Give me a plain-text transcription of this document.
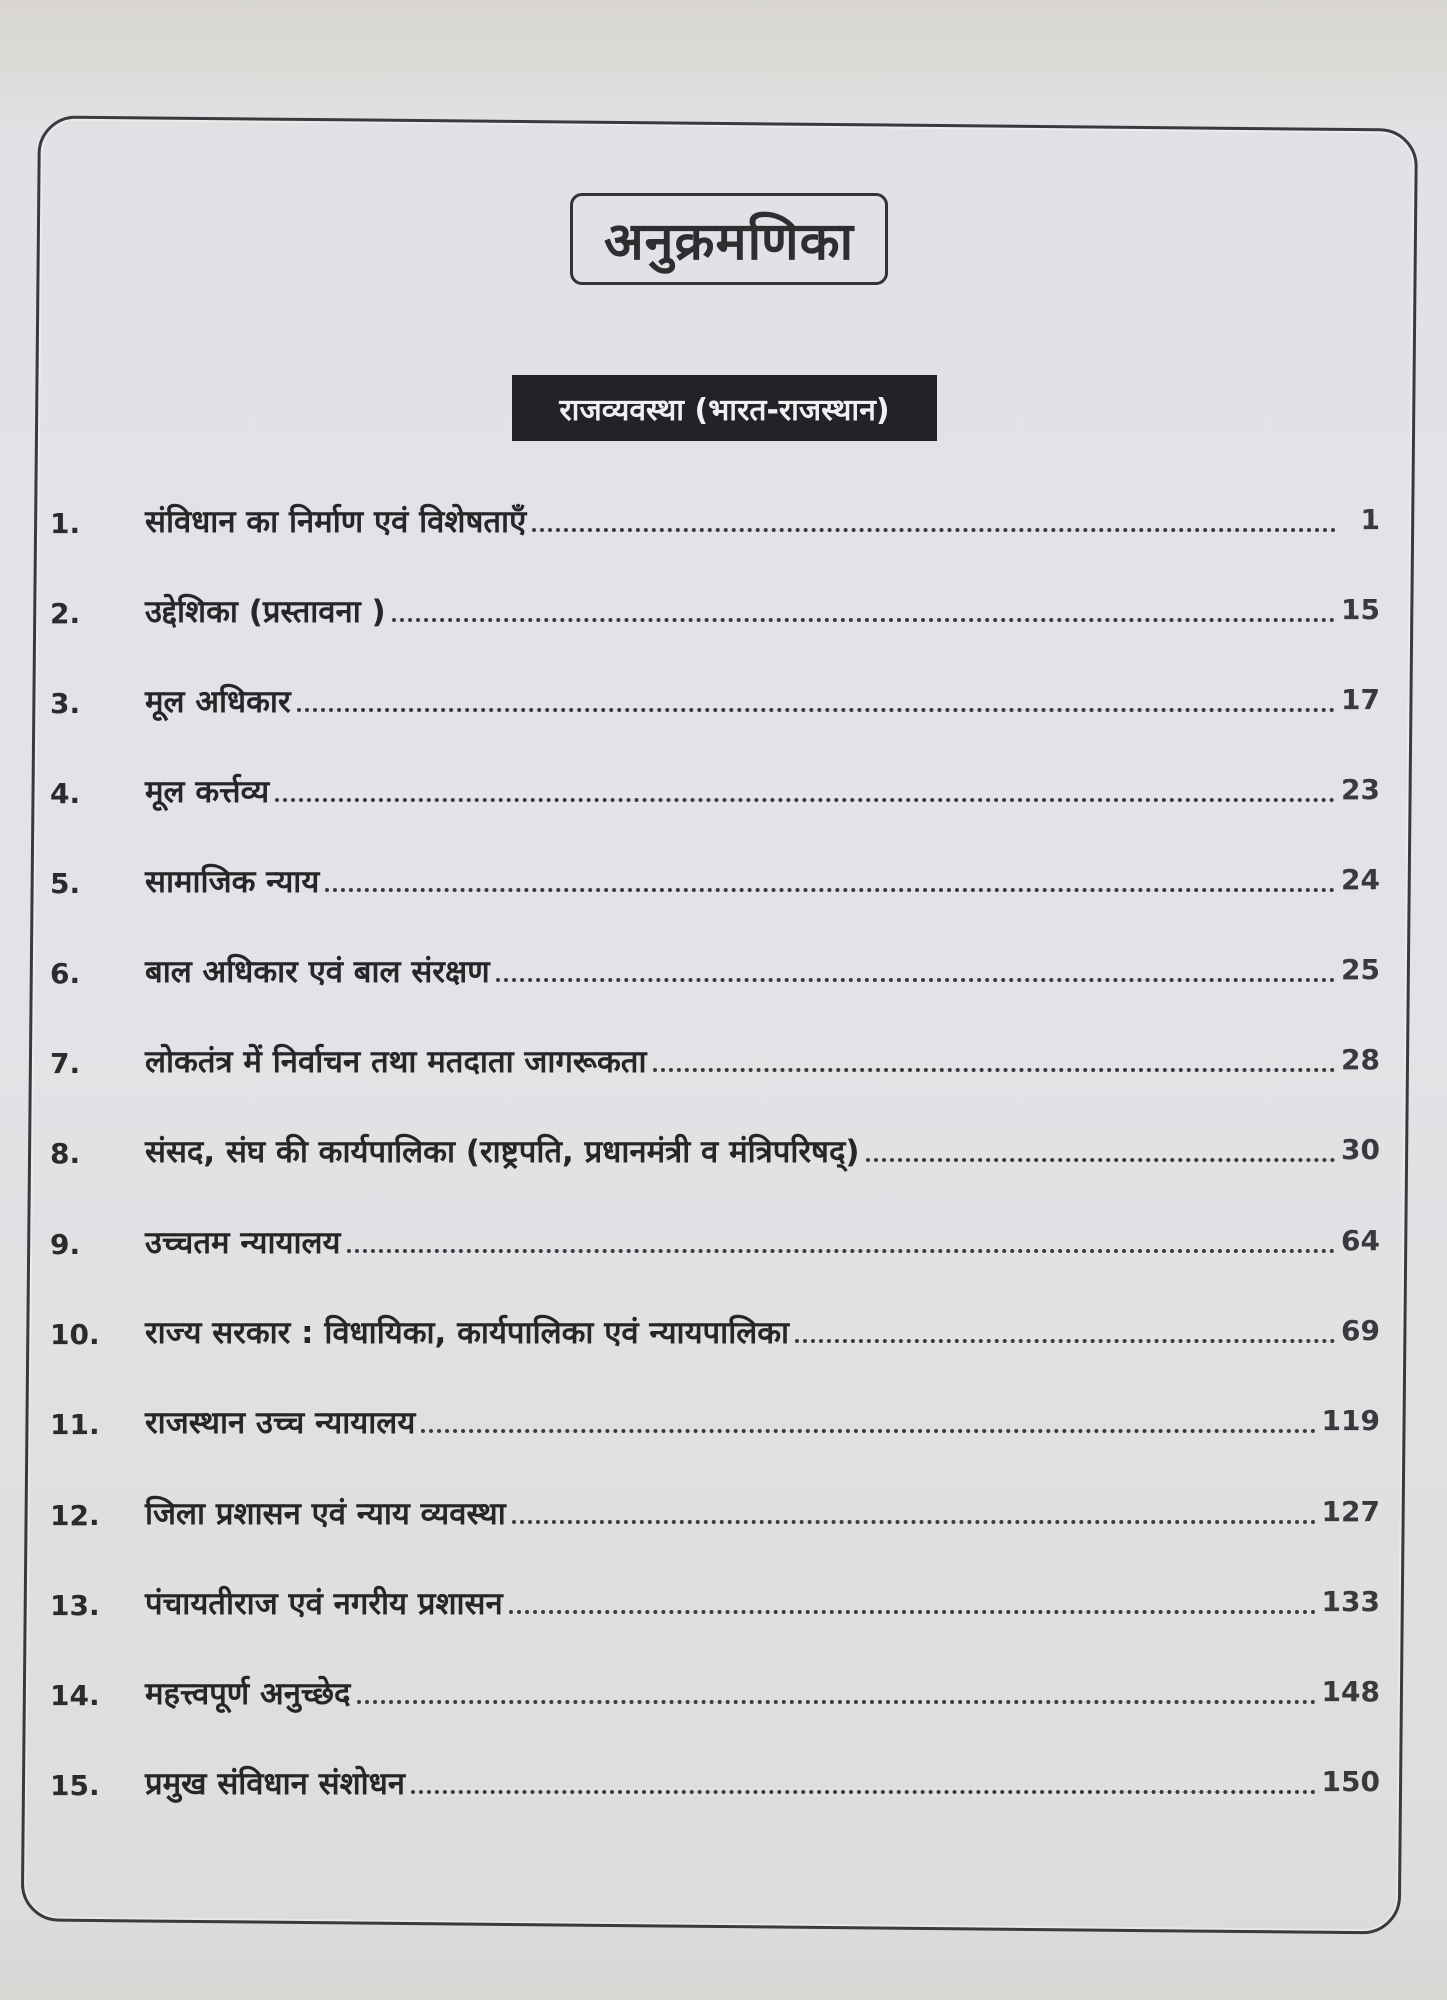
अनुक्रमणिका
राजव्यवस्था (भारत-राजस्थान)
1.	संविधान का निर्माण एवं विशेषताएँ	1
2.	उद्देशिका (प्रस्तावना )	15
3.	मूल अधिकार	17
4.	मूल कर्त्तव्य	23
5.	सामाजिक न्याय	24
6.	बाल अधिकार एवं बाल संरक्षण	25
7.	लोकतंत्र में निर्वाचन तथा मतदाता जागरूकता	28
8.	संसद, संघ की कार्यपालिका (राष्ट्रपति, प्रधानमंत्री व मंत्रिपरिषद्)	30
9.	उच्चतम न्यायालय	64
10.	राज्य सरकार : विधायिका, कार्यपालिका एवं न्यायपालिका	69
11.	राजस्थान उच्च न्यायालय	119
12.	जिला प्रशासन एवं न्याय व्यवस्था	127
13.	पंचायतीराज एवं नगरीय प्रशासन	133
14.	महत्त्वपूर्ण अनुच्छेद	148
15.	प्रमुख संविधान संशोधन	150
